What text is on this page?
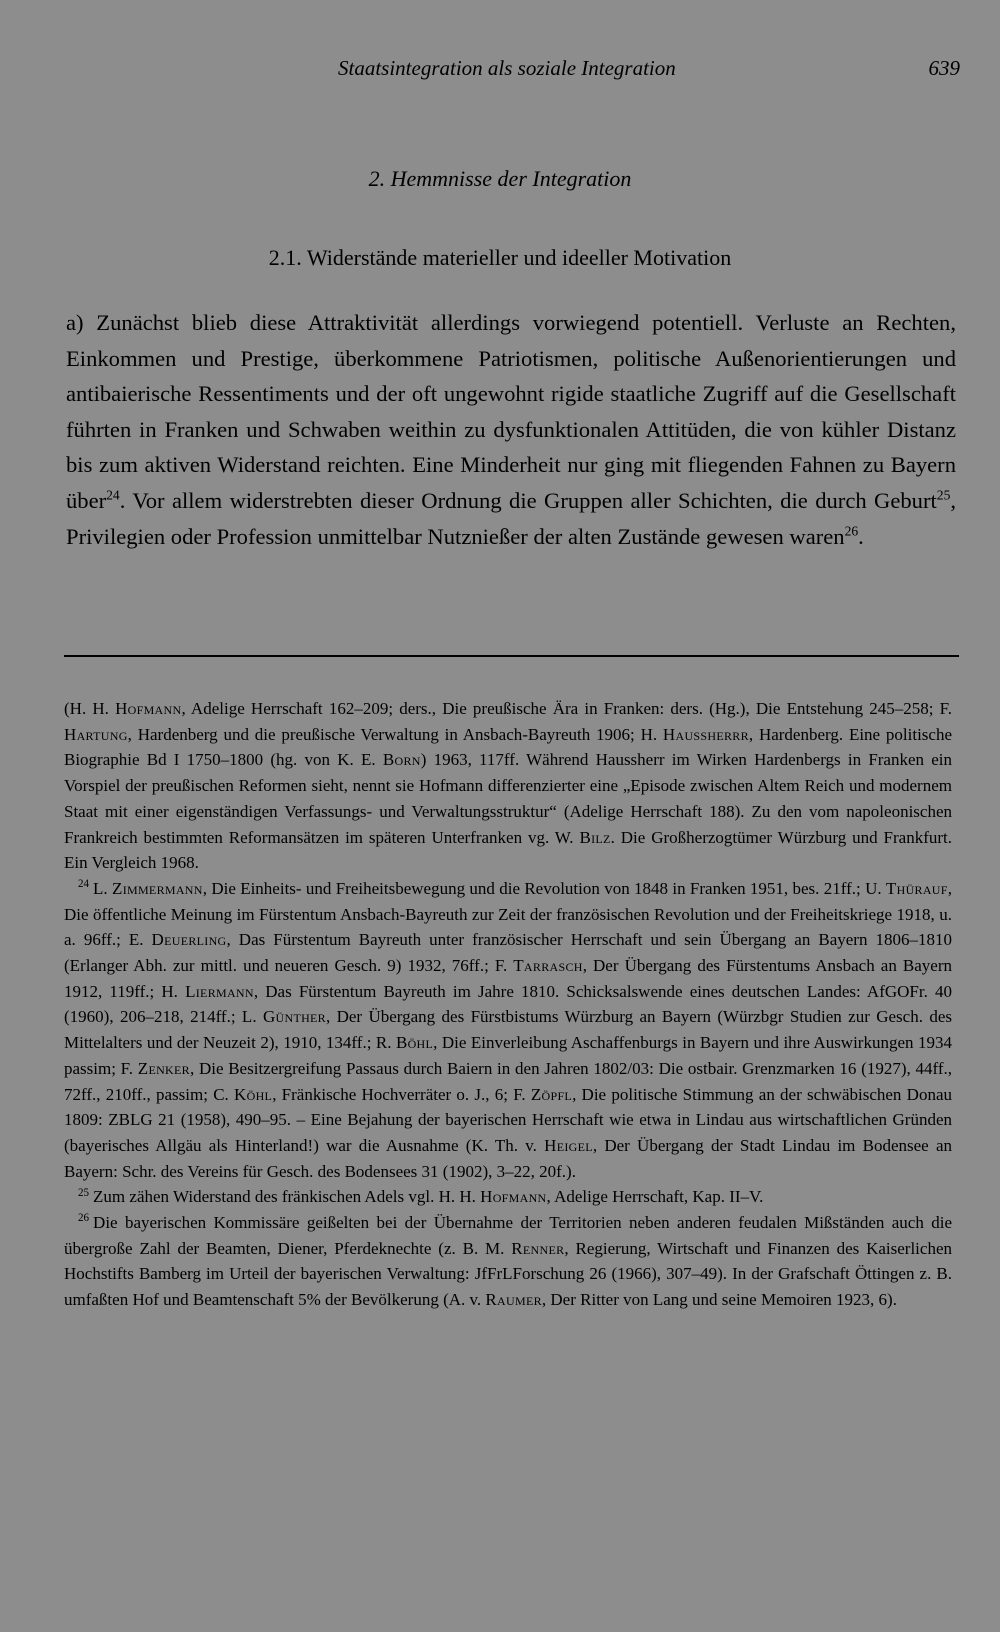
Staatsintegration als soziale Integration	639
2. Hemmnisse der Integration
2.1. Widerstände materieller und ideeller Motivation

a) Zunächst blieb diese Attraktivität allerdings vorwiegend potentiell. Verluste an Rechten, Einkommen und Prestige, überkommene Patriotismen, politische Außenorientierungen und antibaierische Ressentiments und der oft ungewohnt rigide staatliche Zugriff auf die Gesellschaft führten in Franken und Schwaben weithin zu dysfunktionalen Attitüden, die von kühler Distanz bis zum aktiven Widerstand reichten. Eine Minderheit nur ging mit fliegenden Fahnen zu Bayern über$^{24}$. Vor allem widerstrebten dieser Ordnung die Gruppen aller Schichten, die durch Geburt$^{25}$, Privilegien oder Profession unmittelbar Nutznießer der alten Zustände gewesen waren$^{26}$.

(H. H. Hofmann, Adelige Herrschaft 162–209; ders., Die preußische Ära in Franken: ders. (Hg.), Die Entstehung 245–258; F. Hartung, Hardenberg und die preußische Verwaltung in Ansbach-Bayreuth 1906; H. Haussherrr, Hardenberg. Eine politische Biographie Bd I 1750–1800 (hg. von K. E. Born) 1963, 117ff. Während Haussherr im Wirken Hardenbergs in Franken ein Vorspiel der preußischen Reformen sieht, nennt sie Hofmann differenzierter eine „Episode zwischen Altem Reich und modernem Staat mit einer eigenständigen Verfassungs- und Verwaltungsstruktur“ (Adelige Herrschaft 188). Zu den vom napoleonischen Frankreich bestimmten Reformansätzen im späteren Unterfranken vg. W. Bilz. Die Großherzogtümer Würzburg und Frankfurt. Ein Vergleich 1968.

$^{24}$ L. Zimmermann, Die Einheits- und Freiheitsbewegung und die Revolution von 1848 in Franken 1951, bes. 21ff.; U. Thürauf, Die öffentliche Meinung im Fürstentum Ansbach-Bayreuth zur Zeit der französischen Revolution und der Freiheitskriege 1918, u. a. 96ff.; E. Deuerling, Das Fürstentum Bayreuth unter französischer Herrschaft und sein Übergang an Bayern 1806–1810 (Erlanger Abh. zur mittl. und neueren Gesch. 9) 1932, 76ff.; F. Tarrasch, Der Übergang des Fürstentums Ansbach an Bayern 1912, 119ff.; H. Liermann, Das Fürstentum Bayreuth im Jahre 1810. Schicksalswende eines deutschen Landes: AfGOFr. 40 (1960), 206–218, 214ff.; L. Günther, Der Übergang des Fürstbistums Würzburg an Bayern (Würzbgr Studien zur Gesch. des Mittelalters und der Neuzeit 2), 1910, 134ff.; R. Böhl, Die Einverleibung Aschaffenburgs in Bayern und ihre Auswirkungen 1934 passim; F. Zenker, Die Besitzergreifung Passaus durch Baiern in den Jahren 1802/03: Die ostbair. Grenzmarken 16 (1927), 44ff., 72ff., 210ff., passim; C. Köhl, Fränkische Hochverräter o. J., 6; F. Zöpfl, Die politische Stimmung an der schwäbischen Donau 1809: ZBLG 21 (1958), 490–95. – Eine Bejahung der bayerischen Herrschaft wie etwa in Lindau aus wirtschaftlichen Gründen (bayerisches Allgäu als Hinterland!) war die Ausnahme (K. Th. v. Heigel, Der Übergang der Stadt Lindau im Bodensee an Bayern: Schr. des Vereins für Gesch. des Bodensees 31 (1902), 3–22, 20f.).

$^{25}$ Zum zähen Widerstand des fränkischen Adels vgl. H. H. Hofmann, Adelige Herrschaft, Kap. II–V.

$^{26}$ Die bayerischen Kommissäre geißelten bei der Übernahme der Territorien neben anderen feudalen Mißständen auch die übergroße Zahl der Beamten, Diener, Pferdeknechte (z. B. M. Renner, Regierung, Wirtschaft und Finanzen des Kaiserlichen Hochstifts Bamberg im Urteil der bayerischen Verwaltung: JfFrLForschung 26 (1966), 307–49). In der Grafschaft Öttingen z. B. umfaßten Hof und Beamtenschaft 5% der Bevölkerung (A. v. Raumer, Der Ritter von Lang und seine Memoiren 1923, 6).
